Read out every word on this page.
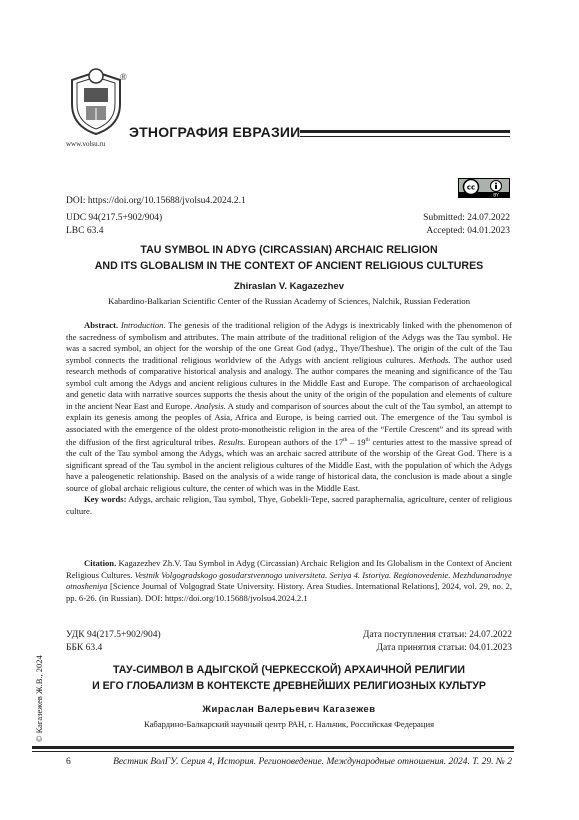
®
www.volsu.ru
ЭТНОГРАФИЯ ЕВРАЗИИ
cc
BY
DOI: https://doi.org/10.15688/jvolsu4.2024.2.1
UDC 94(217.5+902/904)
LBC 63.4
Submitted: 24.07.2022
Accepted: 04.01.2023
TAU SYMBOL IN ADYG (CIRCASSIAN) ARCHAIC RELIGION
AND ITS GLOBALISM IN THE CONTEXT OF ANCIENT RELIGIOUS CULTURES
Zhiraslan V. Kagazezhev
Kabardino-Balkarian Scientific Center of the Russian Academy of Sciences, Nalchik, Russian Federation

Abstract. Introduction. The genesis of the traditional religion of the Adygs is inextricably linked with the phenomenon of the sacredness of symbolism and attributes. The main attribute of the traditional religion of the Adygs was the Tau symbol. He was a sacred symbol, an object for the worship of the one Great God (adyg., Thye/Theshue). The origin of the cult of the Tau symbol connects the traditional religious worldview of the Adygs with ancient religious cultures. Methods. The author used research methods of comparative historical analysis and analogy. The author compares the meaning and significance of the Tau symbol cult among the Adygs and ancient religious cultures in the Middle East and Europe. The comparison of archaeological and genetic data with narrative sources supports the thesis about the unity of the origin of the population and elements of culture in the ancient Near East and Europe. Analysis. A study and comparison of sources about the cult of the Tau symbol, an attempt to explain its genesis among the peoples of Asia, Africa and Europe, is being carried out. The emergence of the Tau symbol is associated with the emergence of the oldest proto-monotheistic religion in the area of the “Fertile Crescent” and its spread with the diffusion of the first agricultural tribes. Results. European authors of the 17th – 19th centuries attest to the massive spread of the cult of the Tau symbol among the Adygs, which was an archaic sacred attribute of the worship of the Great God. There is a significant spread of the Tau symbol in the ancient religious cultures of the Middle East, with the population of which the Adygs have a paleogenetic relationship. Based on the analysis of a wide range of historical data, the conclusion is made about a single source of global archaic religious culture, the center of which was in the Middle East.

Key words: Adygs, archaic religion, Tau symbol, Thye, Gobekli-Tepe, sacred paraphernalia, agriculture, center of religious culture.

Citation. Kagazezhev Zh.V. Tau Symbol in Adyg (Circassian) Archaic Religion and Its Globalism in the Context of Ancient Religious Cultures. Vestnik Volgogradskogo gosudarstvennogo universiteta. Seriya 4. Istoriya. Regionovedenie. Mezhdunarodnye otnosheniya [Science Journal of Volgograd State University. History. Area Studies. International Relations], 2024, vol. 29, no. 2, pp. 6-26. (in Russian). DOI: https://doi.org/10.15688/jvolsu4.2024.2.1

УДК 94(217.5+902/904)
ББК 63.4
Дата поступления статьи: 24.07.2022
Дата принятия статьи: 04.01.2023
ТАУ-СИМВОЛ В АДЫГСКОЙ (ЧЕРКЕССКОЙ) АРХАИЧНОЙ РЕЛИГИИ
И ЕГО ГЛОБАЛИЗМ В КОНТЕКСТЕ ДРЕВНЕЙШИХ РЕЛИГИОЗНЫХ КУЛЬТУР
Жираслан Валерьевич Кагазежев
Кабардино-Балкарский научный центр РАН, г. Нальчик, Российская Федерация
© Кагазежев Ж.В., 2024
6	Вестник ВолГУ. Серия 4, История. Регионоведение. Международные отношения. 2024. Т. 29. № 2
